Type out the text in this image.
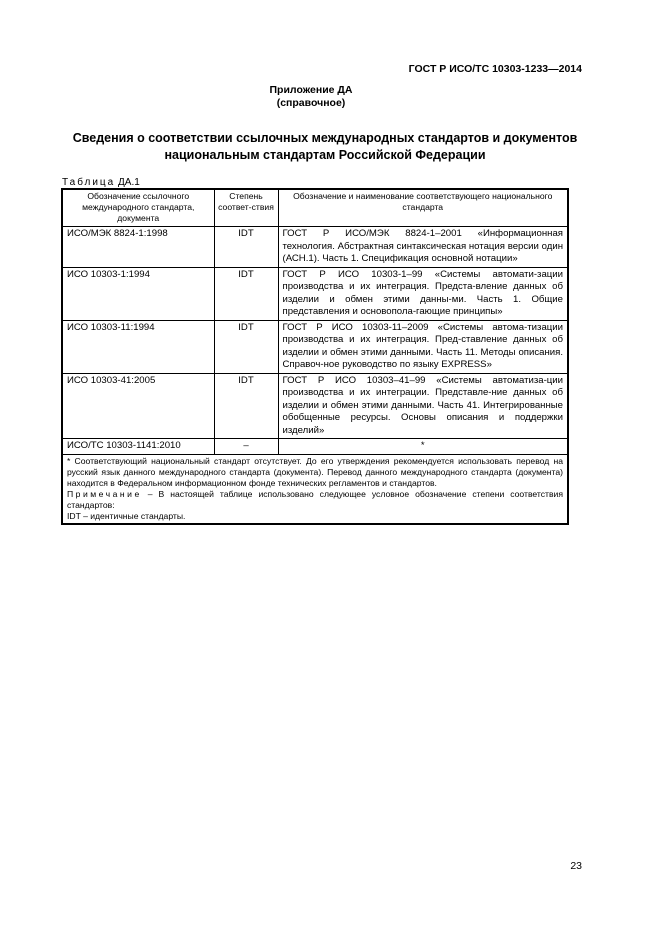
ГОСТ Р ИСО/ТС 10303-1233—2014
Приложение ДА
(справочное)
Сведения о соответствии ссылочных международных стандартов и документов национальным стандартам Российской Федерации
Таблица ДА.1
Обозначение ссылочного международного стандарта, документа	Степень соответ-ствия	Обозначение и наименование соответствующего национального стандарта
ИСО/МЭК 8824-1:1998	IDT	ГОСТ Р ИСО/МЭК 8824-1–2001 «Информационная технология. Абстрактная синтаксическая нотация версии один (АСН.1). Часть 1. Спецификация основной нотации»
ИСО 10303-1:1994	IDT	ГОСТ Р ИСО 10303-1–99 «Системы автомати-зации производства и их интеграция. Предста-вление данных об изделии и обмен этими данны-ми. Часть 1. Общие представления и основопола-гающие принципы»
ИСО 10303-11:1994	IDT	ГОСТ Р ИСО 10303-11–2009 «Системы автома-тизации производства и их интеграция. Пред-ставление данных об изделии и обмен этими данными. Часть 11. Методы описания. Справоч-ное руководство по языку EXPRESS»
ИСО 10303-41:2005	IDT	ГОСТ Р ИСО 10303–41–99 «Системы автоматиза-ции производства и их интеграции. Представле-ние данных об изделии и обмен этими данными. Часть 41. Интегрированные обобщенные ресурсы. Основы описания и поддержки изделий»
ИСО/ТС 10303-1141:2010	–	*

* Соответствующий национальный стандарт отсутствует. До его утверждения рекомендуется использовать перевод на русский язык данного международного стандарта (документа). Перевод данного международного стандарта (документа) находится в Федеральном информационном фонде технических регламентов и стандартов.
Примечание – В настоящей таблице использовано следующее условное обозначение степени соответствия стандартов:
IDT – идентичные стандарты.		
23
